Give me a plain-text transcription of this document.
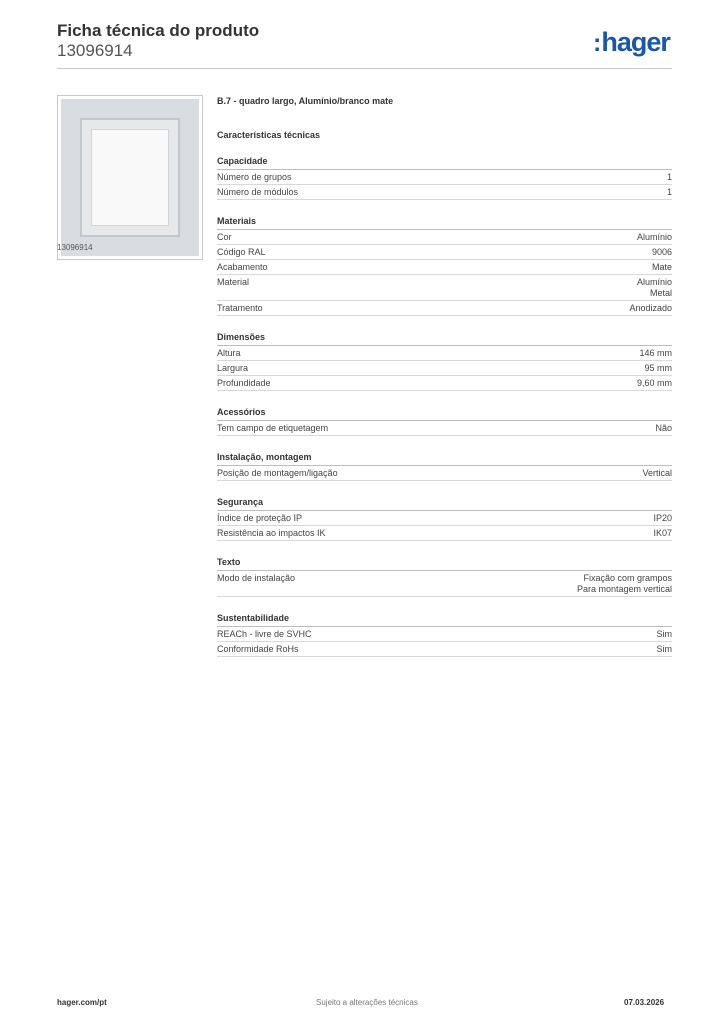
Ficha técnica do produto
13096914	:hager
13096914
B.7 - quadro largo, Alumínio/branco mate
Características técnicas
Capacidade
Número de grupos	1
Número de módulos	1
Materiais
Cor	Alumínio
Código RAL	9006
Acabamento	Mate
Material	Alumínio
Metal
Tratamento	Anodizado
Dimensões
Altura	146 mm
Largura	95 mm
Profundidade	9,60 mm
Acessórios
Tem campo de etiquetagem	Não
Instalação, montagem
Posição de montagem/ligação	Vertical
Segurança
Índice de proteção IP	IP20
Resistência ao impactos IK	IK07
Texto
Modo de instalação	Fixação com grampos
Para montagem vertical
Sustentabilidade
REACh - livre de SVHC	Sim
Conformidade RoHs	Sim
hager.com/pt	Sujeito a alterações técnicas	07.03.2026
